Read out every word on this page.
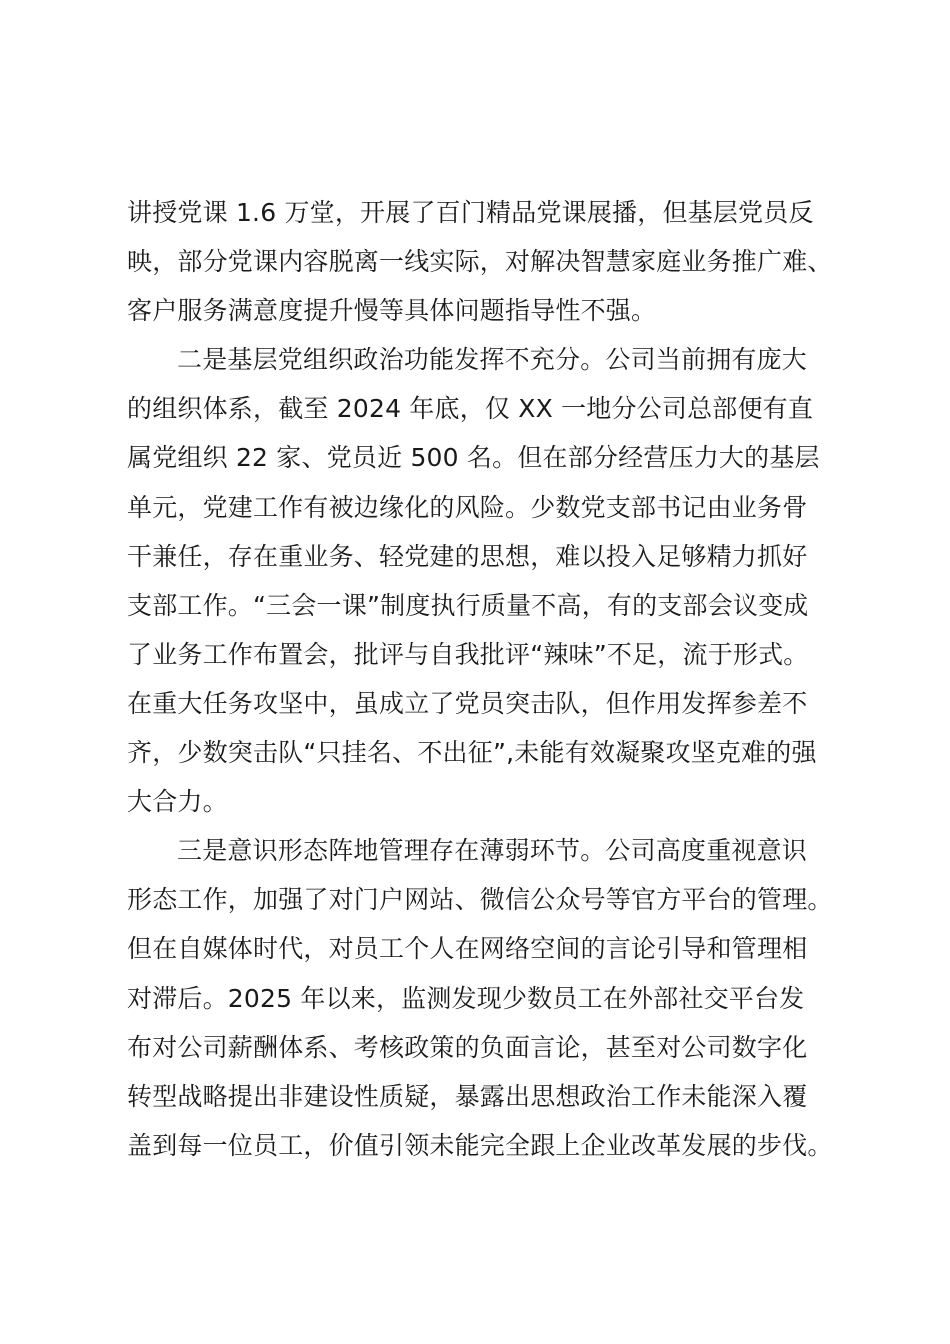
讲授党课 1.6 万堂，开展了百门精品党课展播，但基层党员反
映，部分党课内容脱离一线实际，对解决智慧家庭业务推广难、
客户服务满意度提升慢等具体问题指导性不强。

二是基层党组织政治功能发挥不充分。公司当前拥有庞大
的组织体系，截至 2024 年底，仅 XX 一地分公司总部便有直
属党组织 22 家、党员近 500 名。但在部分经营压力大的基层
单元，党建工作有被边缘化的风险。少数党支部书记由业务骨
干兼任，存在重业务、轻党建的思想，难以投入足够精力抓好
支部工作。“三会一课”制度执行质量不高，有的支部会议变成
了业务工作布置会，批评与自我批评“辣味”不足，流于形式。
在重大任务攻坚中，虽成立了党员突击队，但作用发挥参差不
齐，少数突击队“只挂名、不出征”,未能有效凝聚攻坚克难的强
大合力。

三是意识形态阵地管理存在薄弱环节。公司高度重视意识
形态工作，加强了对门户网站、微信公众号等官方平台的管理。
但在自媒体时代，对员工个人在网络空间的言论引导和管理相
对滞后。2025 年以来，监测发现少数员工在外部社交平台发
布对公司薪酬体系、考核政策的负面言论，甚至对公司数字化
转型战略提出非建设性质疑，暴露出思想政治工作未能深入覆
盖到每一位员工，价值引领未能完全跟上企业改革发展的步伐。
